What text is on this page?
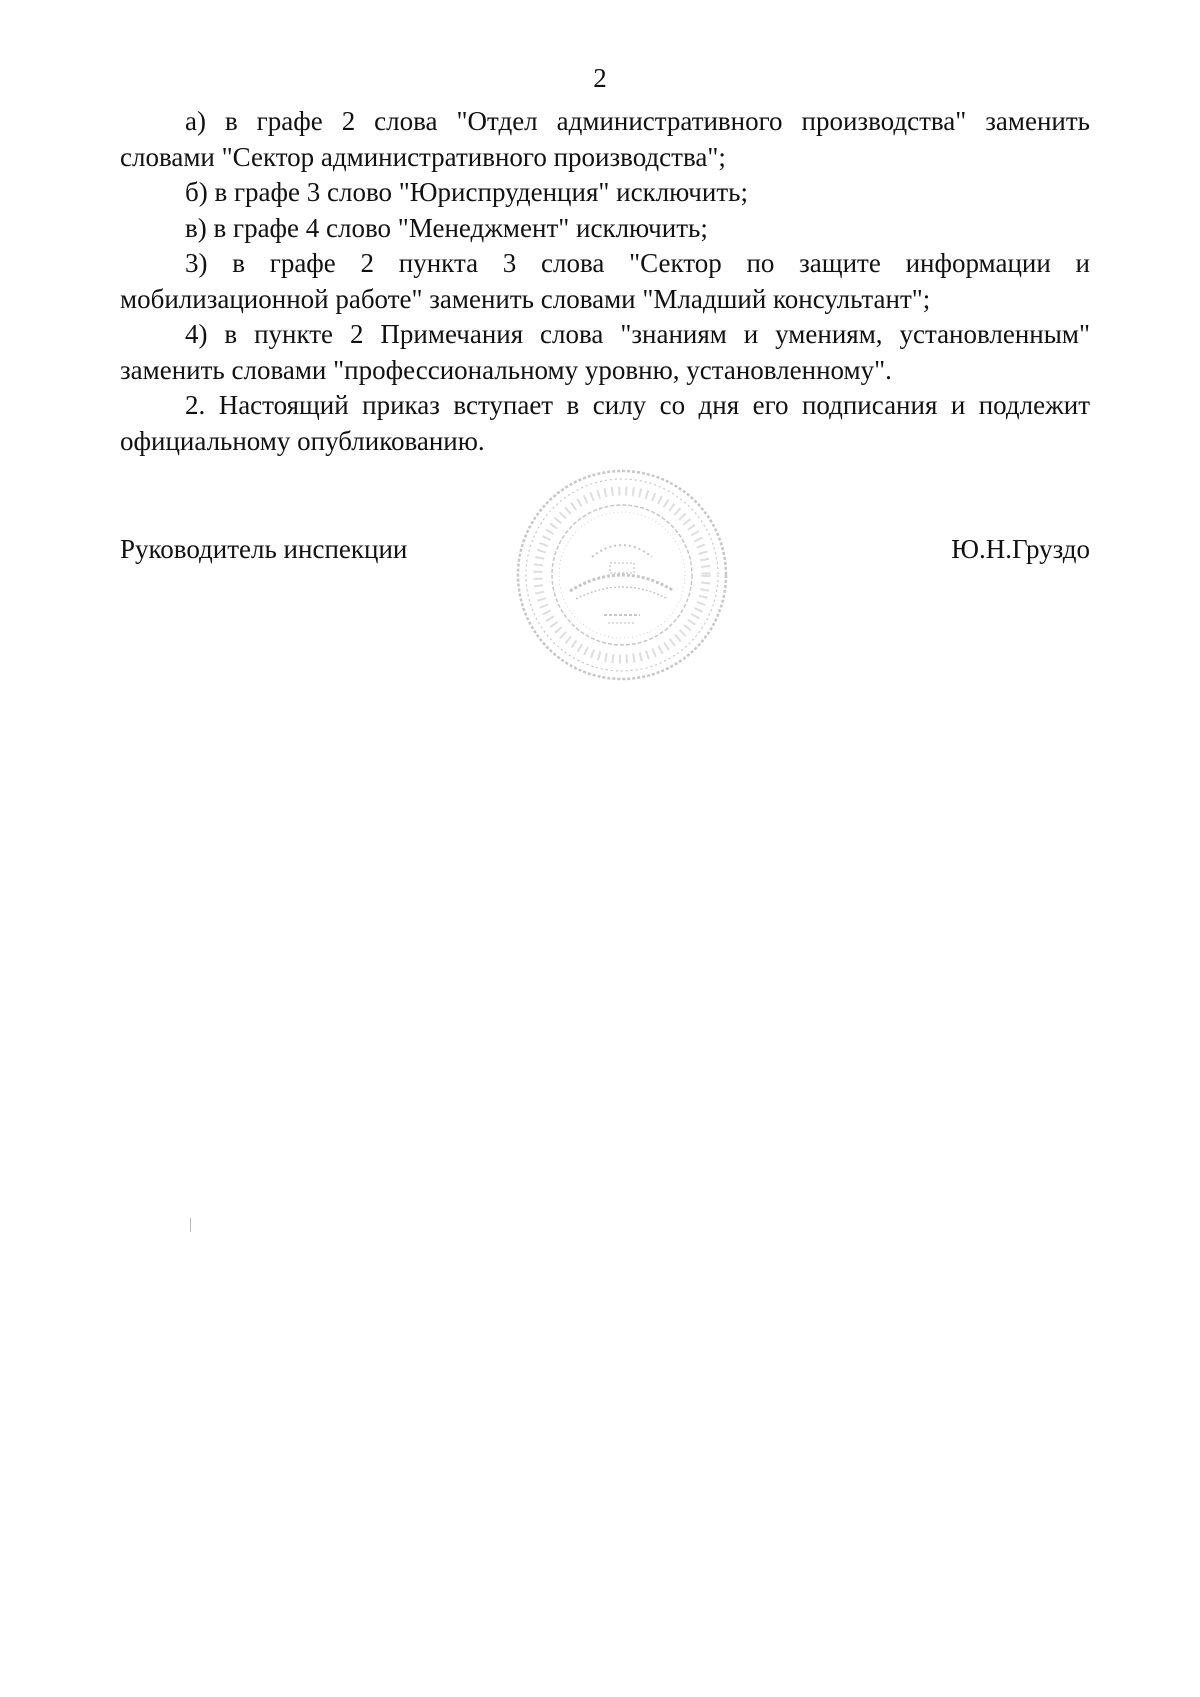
2

а) в графе 2 слова "Отдел административного производства" заменить словами "Сектор административного производства";

б) в графе 3 слово "Юриспруденция" исключить;

в) в графе 4 слово "Менеджмент" исключить;

3) в графе 2 пункта 3 слова "Сектор по защите информации и мобилизационной работе" заменить словами "Младший консультант";

4) в пункте 2 Примечания слова "знаниям и умениям, установленным" заменить словами "профессиональному уровню, установленному".

2. Настоящий приказ вступает в силу со дня его подписания и подлежит официальному опубликованию.

Руководитель инспекции	Ю.Н.Груздо
